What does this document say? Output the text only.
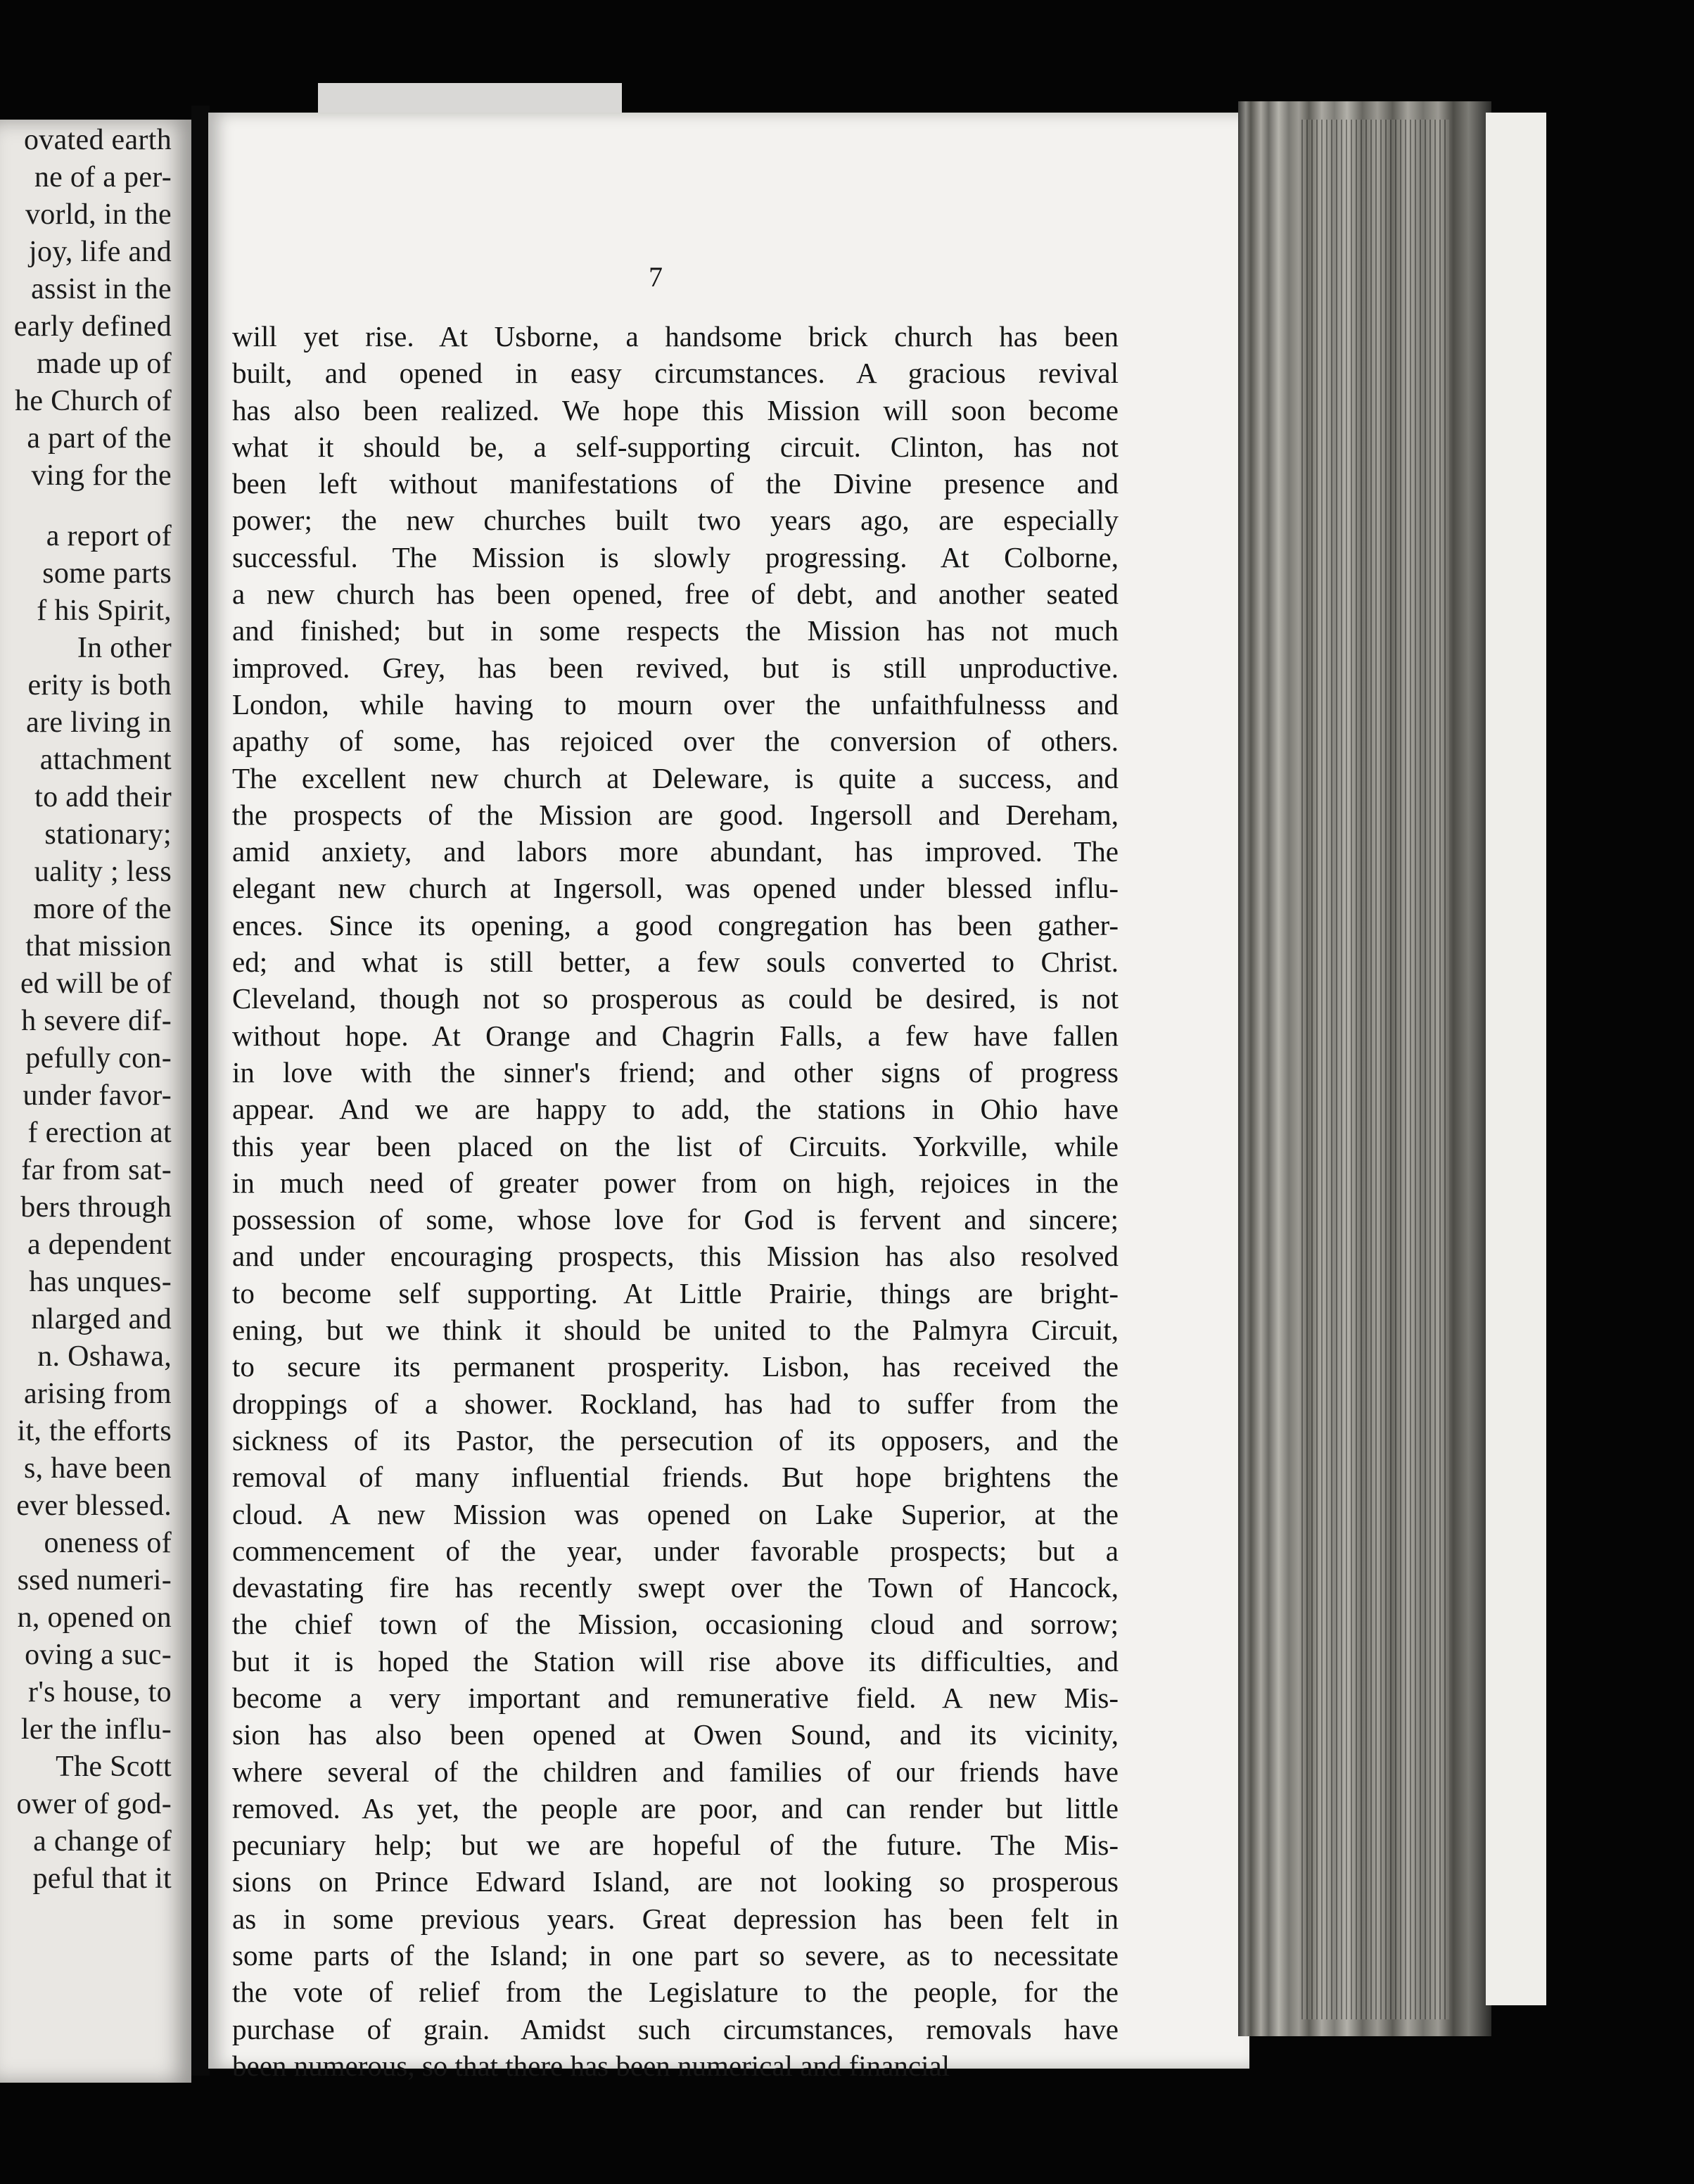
ovated earth
ne of a per-
vorld, in the
joy, life and
assist in the
early defined
made up of
he Church of
a part of the
ving for the
a report of
some parts
f his Spirit,
In other
erity is both
are living in
attachment
to add their
stationary;
uality ; less
more of the
that mission
ed will be of
h severe dif-
pefully con-
under favor-
f erection at
far from sat-
bers through
a dependent
has unques-
nlarged and
n. Oshawa,
arising from
it, the efforts
s, have been
ever blessed.
oneness of
ssed numeri-
n, opened on
oving a suc-
r's house, to
ler the influ-
The Scott
ower of god-
a change of
peful that it
7
will yet rise. At Usborne, a handsome brick church has been
built, and opened in easy circumstances. A gracious revival
has also been realized. We hope this Mission will soon become
what it should be, a self-supporting circuit. Clinton, has not
been left without manifestations of the Divine presence and
power; the new churches built two years ago, are especially
successful. The Mission is slowly progressing. At Colborne,
a new church has been opened, free of debt, and another seated
and finished; but in some respects the Mission has not much
improved. Grey, has been revived, but is still unproductive.
London, while having to mourn over the unfaithfulnesss and
apathy of some, has rejoiced over the conversion of others.
The excellent new church at Deleware, is quite a success, and
the prospects of the Mission are good. Ingersoll and Dereham,
amid anxiety, and labors more abundant, has improved. The
elegant new church at Ingersoll, was opened under blessed influ-
ences. Since its opening, a good congregation has been gather-
ed; and what is still better, a few souls converted to Christ.
Cleveland, though not so prosperous as could be desired, is not
without hope. At Orange and Chagrin Falls, a few have fallen
in love with the sinner's friend; and other signs of progress
appear. And we are happy to add, the stations in Ohio have
this year been placed on the list of Circuits. Yorkville, while
in much need of greater power from on high, rejoices in the
possession of some, whose love for God is fervent and sincere;
and under encouraging prospects, this Mission has also resolved
to become self supporting. At Little Prairie, things are bright-
ening, but we think it should be united to the Palmyra Circuit,
to secure its permanent prosperity. Lisbon, has received the
droppings of a shower. Rockland, has had to suffer from the
sickness of its Pastor, the persecution of its opposers, and the
removal of many influential friends. But hope brightens the
cloud. A new Mission was opened on Lake Superior, at the
commencement of the year, under favorable prospects; but a
devastating fire has recently swept over the Town of Hancock,
the chief town of the Mission, occasioning cloud and sorrow;
but it is hoped the Station will rise above its difficulties, and
become a very important and remunerative field. A new Mis-
sion has also been opened at Owen Sound, and its vicinity,
where several of the children and families of our friends have
removed. As yet, the people are poor, and can render but little
pecuniary help; but we are hopeful of the future. The Mis-
sions on Prince Edward Island, are not looking so prosperous
as in some previous years. Great depression has been felt in
some parts of the Island; in one part so severe, as to necessitate
the vote of relief from the Legislature to the people, for the
purchase of grain. Amidst such circumstances, removals have
been numerous, so that there has been numerical and financial
